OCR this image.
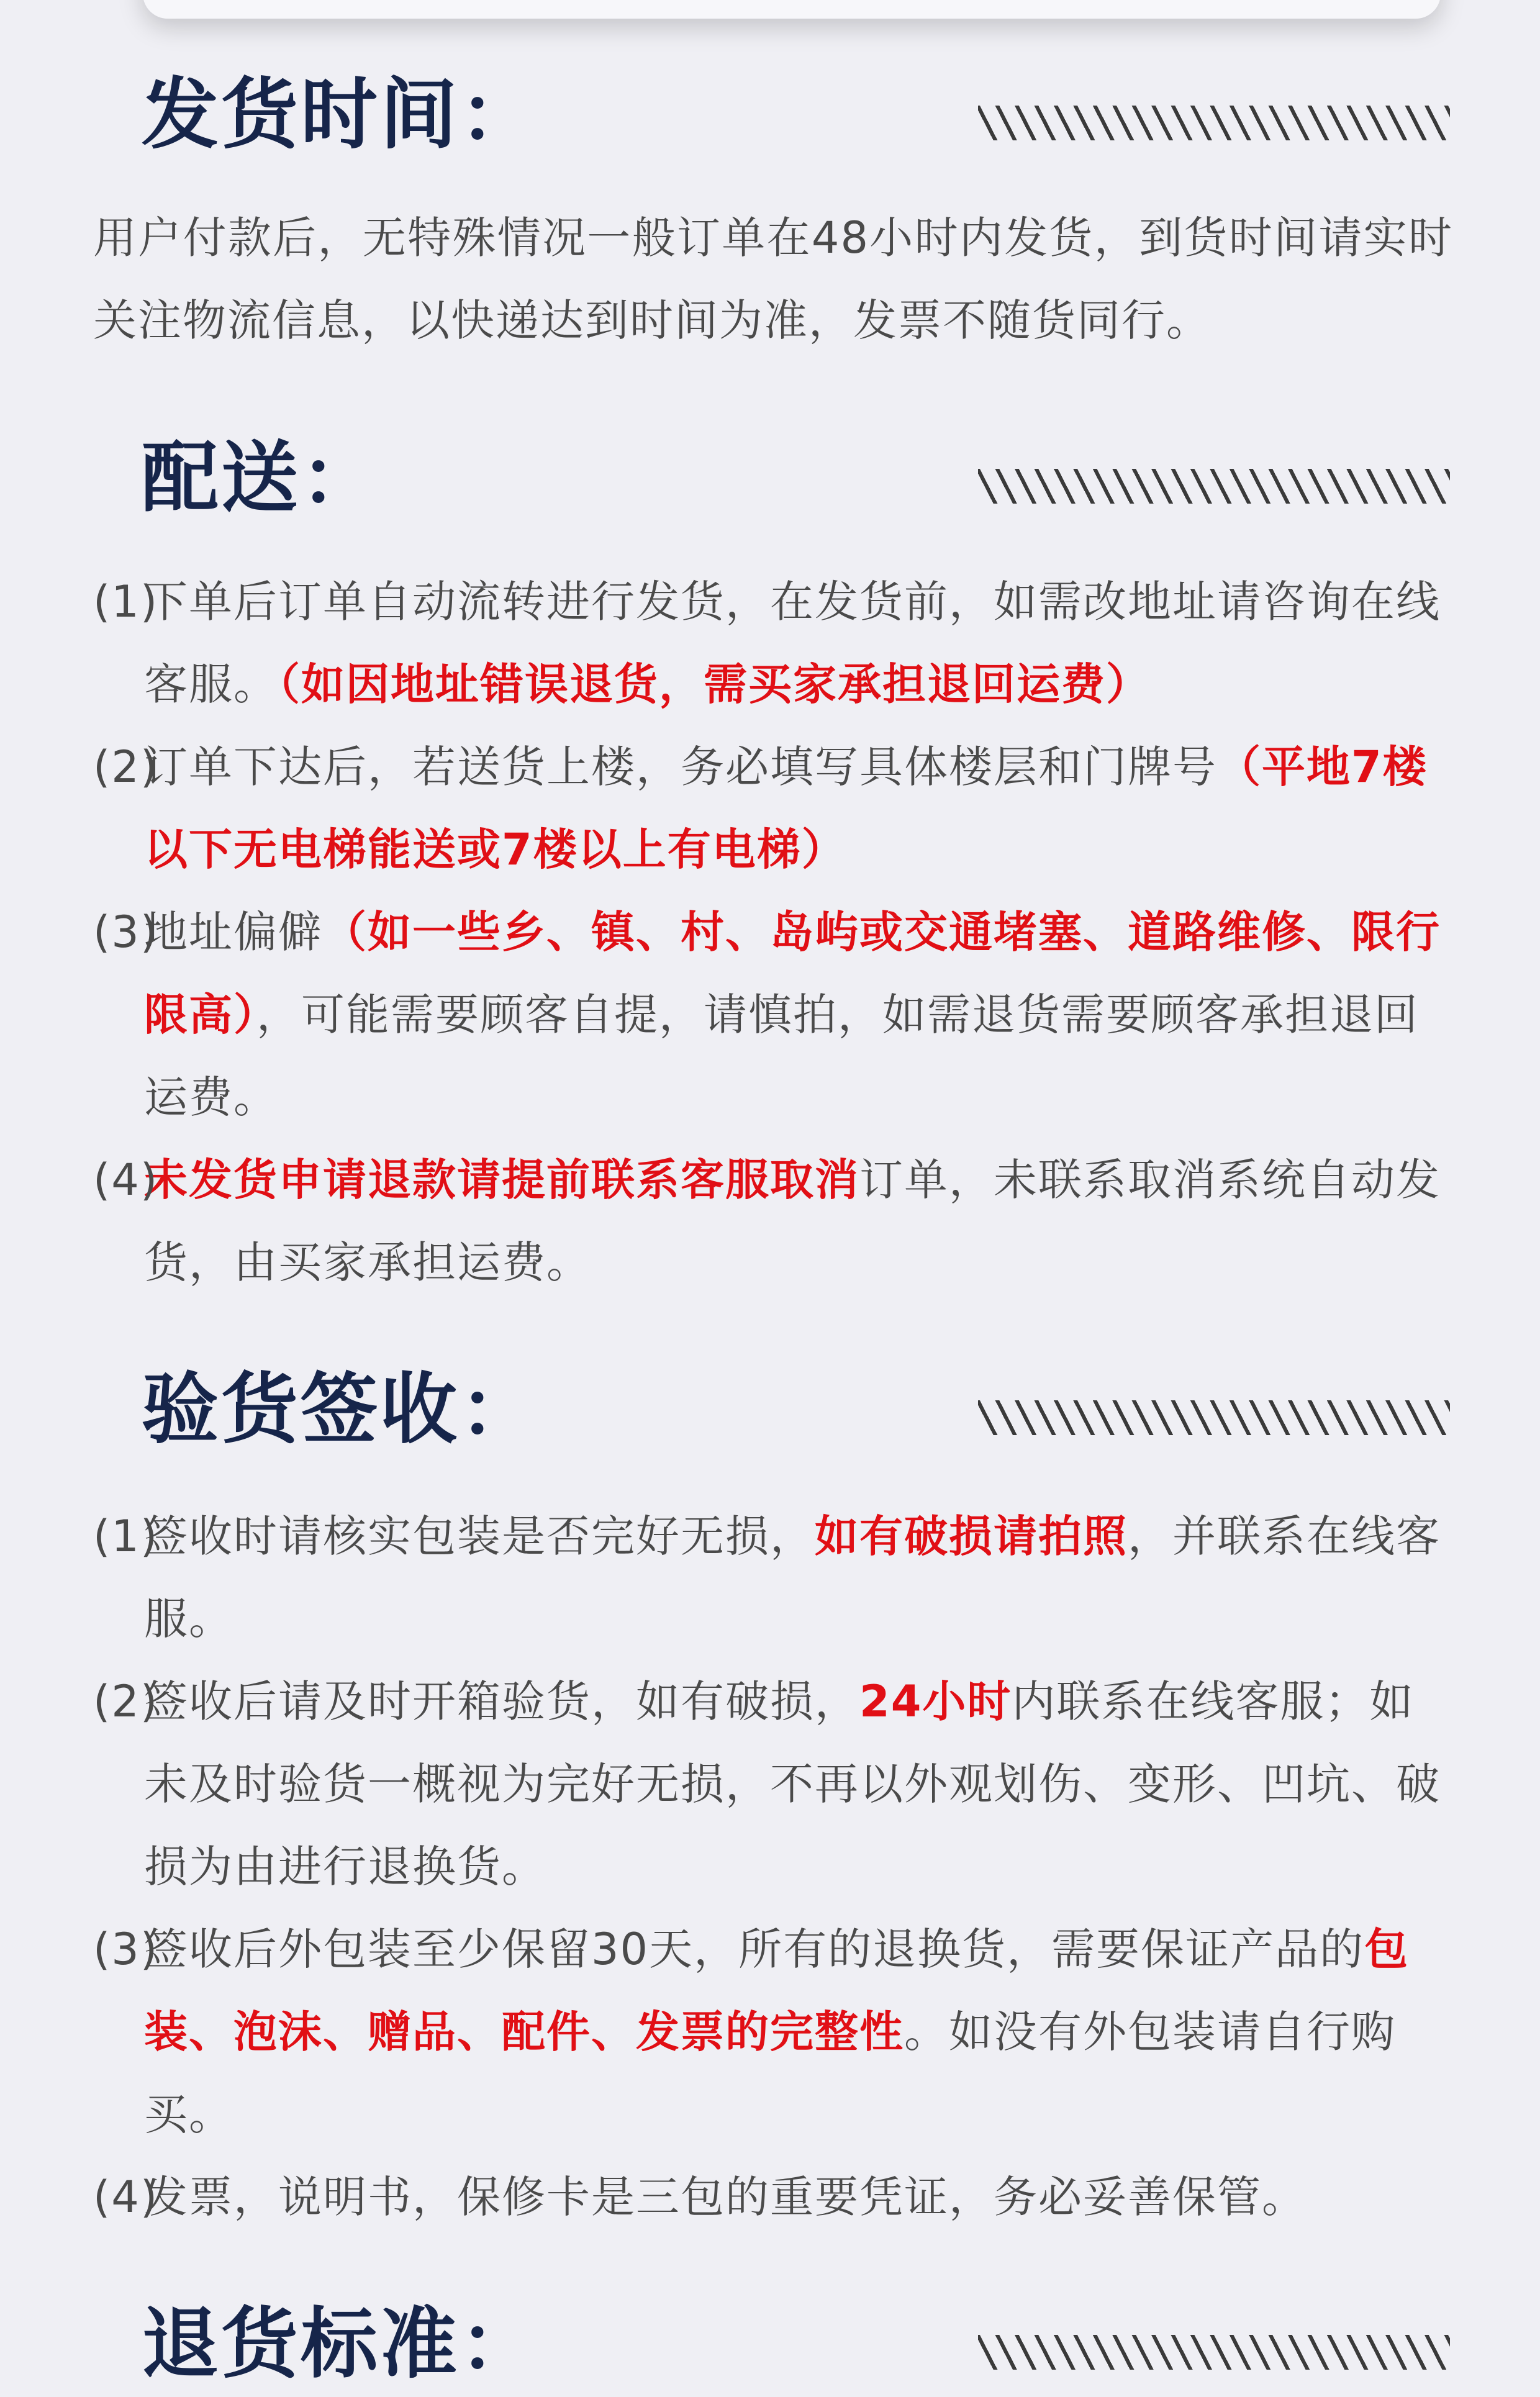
发货时间：
用户付款后，无特殊情况一般订单在48小时内发货，到货时间请实时关注物流信息，以快递达到时间为准，发票不随货同行。
配送：
(1)
下单后订单自动流转进行发货，在发货前，如需改地址请咨询在线客服。（如因地址错误退货，需买家承担退回运费）
(2)
订单下达后，若送货上楼，务必填写具体楼层和门牌号（平地7楼以下无电梯能送或7楼以上有电梯）
(3)
地址偏僻（如一些乡、镇、村、岛屿或交通堵塞、道路维修、限行限高），可能需要顾客自提，请慎拍，如需退货需要顾客承担退回运费。
(4)
未发货申请退款请提前联系客服取消订单，未联系取消系统自动发货，由买家承担运费。
验货签收：
(1)
签收时请核实包装是否完好无损，如有破损请拍照，并联系在线客服。
(2)
签收后请及时开箱验货，如有破损，24小时内联系在线客服；如未及时验货一概视为完好无损，不再以外观划伤、变形、凹坑、破损为由进行退换货。
(3)
签收后外包装至少保留30天，所有的退换货，需要保证产品的包装、泡沫、赠品、配件、发票的完整性。如没有外包装请自行购买。
(4)
发票，说明书，保修卡是三包的重要凭证，务必妥善保管。
退货标准：
